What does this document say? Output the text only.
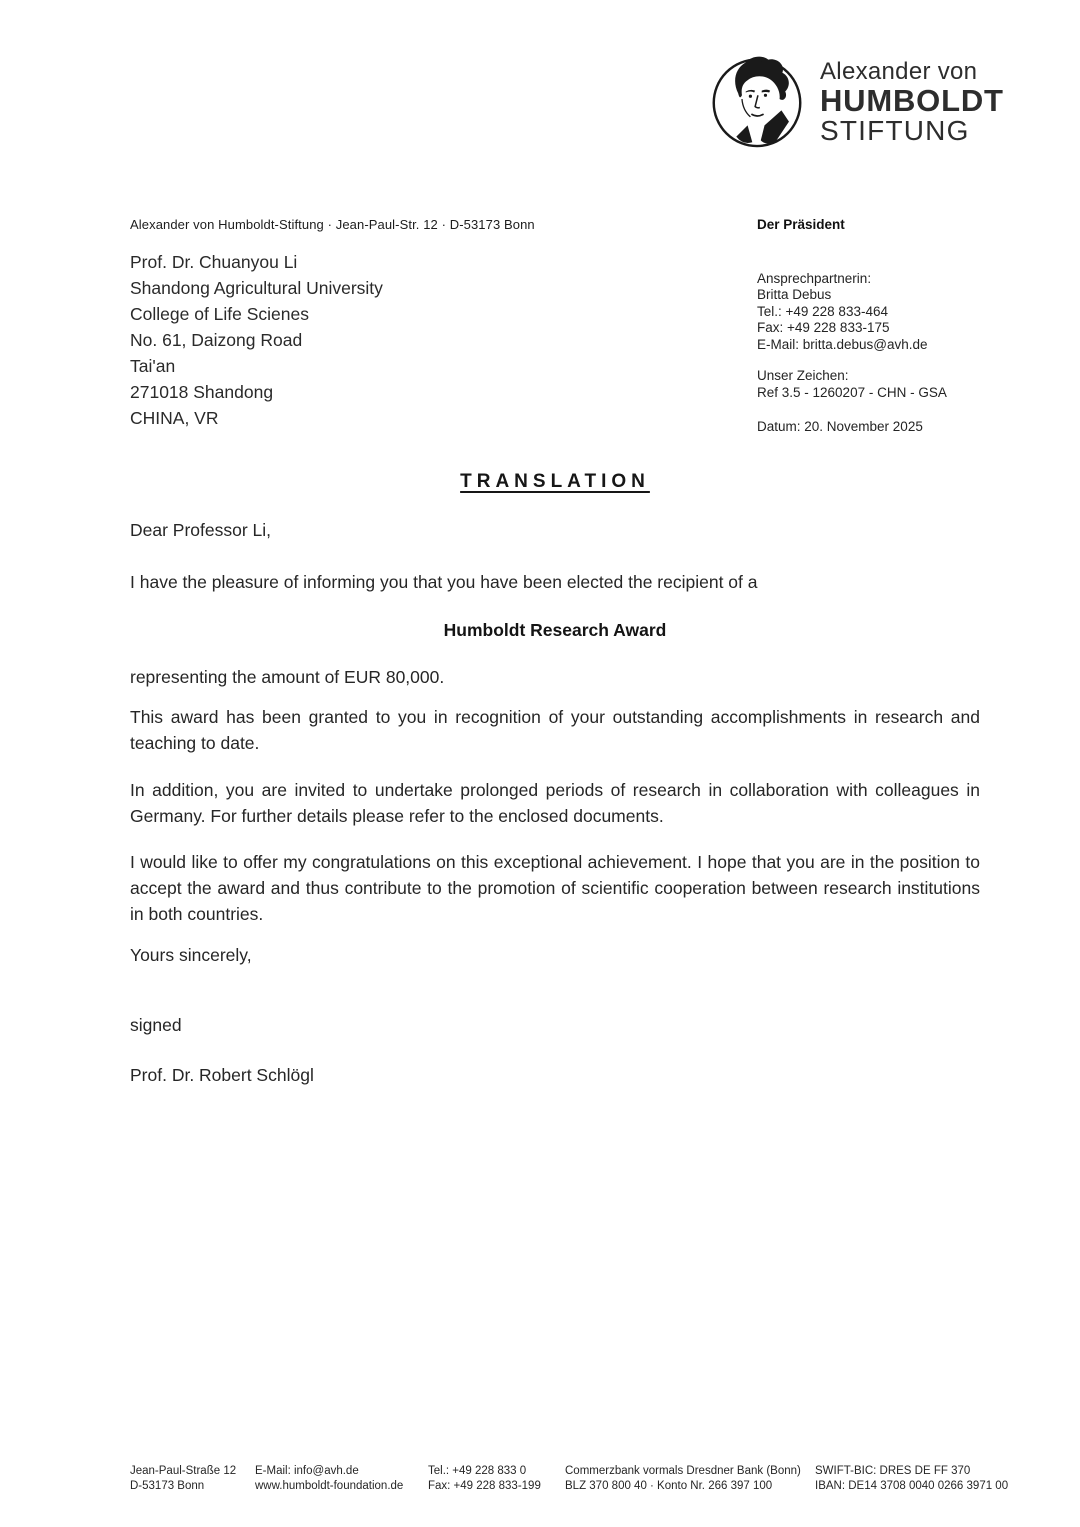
Alexander von
HUMBOLDT
STIFTUNG
Alexander von Humboldt-Stiftung · Jean-Paul-Str. 12 · D-53173 Bonn
Prof. Dr. Chuanyou Li
Shandong Agricultural University
College of Life Scienes
No. 61, Daizong Road
Tai'an
271018 Shandong
CHINA, VR
Der Präsident
Ansprechpartnerin:
Britta Debus
Tel.: +49 228 833-464
Fax: +49 228 833-175
E-Mail: britta.debus@avh.de
Unser Zeichen:
Ref 3.5 - 1260207 - CHN - GSA
Datum: 20. November 2025
TRANSLATION

Dear Professor Li,

I have the pleasure of informing you that you have been elected the recipient of a

Humboldt Research Award

representing the amount of EUR 80,000.

This award has been granted to you in recognition of your outstanding accomplishments in research and teaching to date.

In addition, you are invited to undertake prolonged periods of research in collaboration with colleagues in Germany. For further details please refer to the enclosed documents.

I would like to offer my congratulations on this exceptional achievement. I hope that you are in the position to accept the award and thus contribute to the promotion of scientific cooperation between research institutions in both countries.

Yours sincerely,

signed

Prof. Dr. Robert Schlögl

Jean-Paul-Straße 12
D-53173 Bonn
E-Mail: info@avh.de
www.humboldt-foundation.de
Tel.: +49 228 833 0
Fax: +49 228 833-199
Commerzbank vormals Dresdner Bank (Bonn)
BLZ 370 800 40 · Konto Nr. 266 397 100
SWIFT-BIC: DRES DE FF 370
IBAN: DE14 3708 0040 0266 3971 00
